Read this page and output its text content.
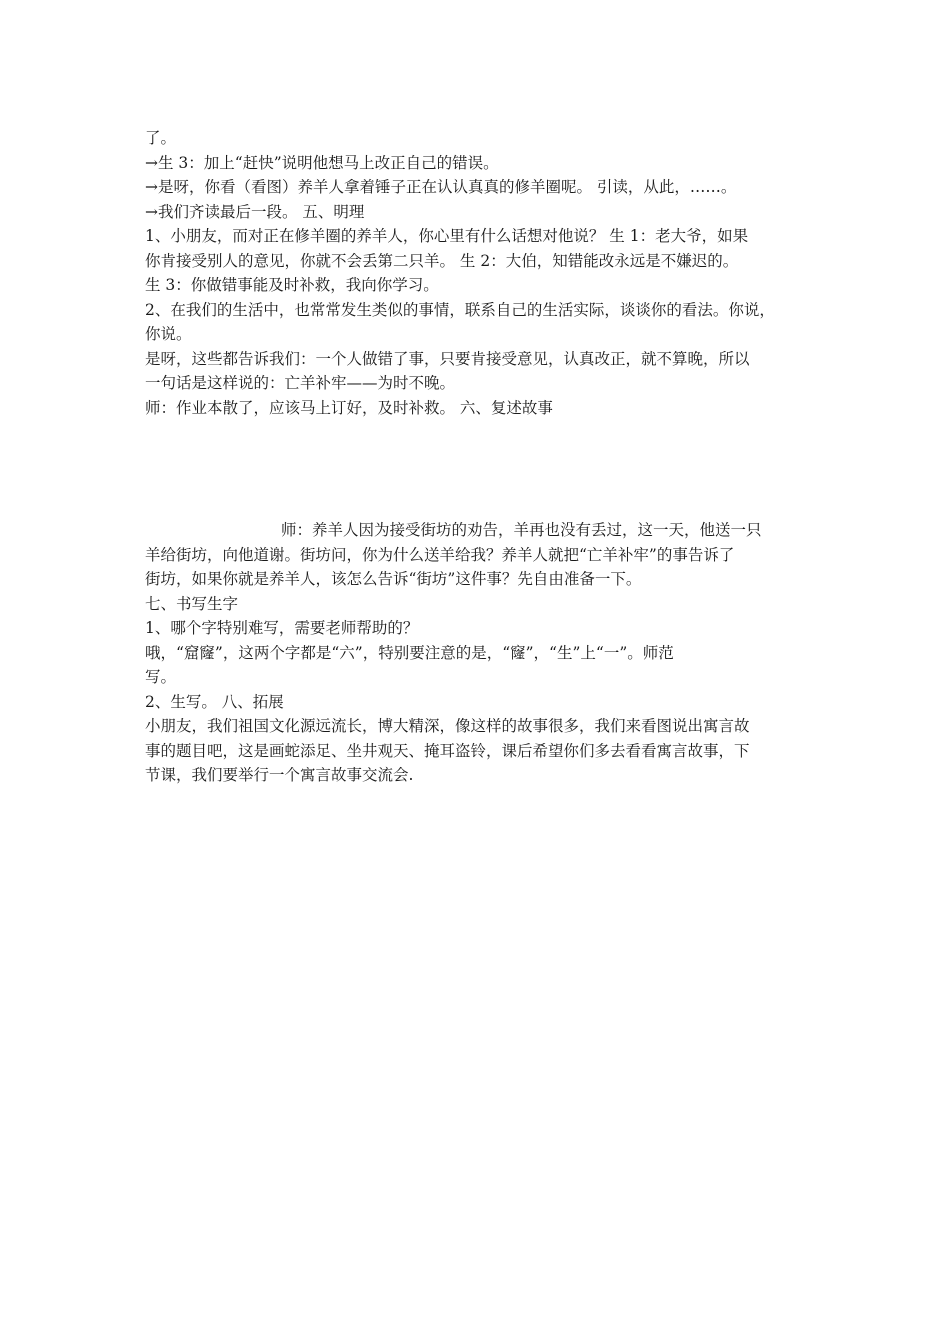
了。

→生 3：加上“赶快”说明他想马上改正自己的错误。

→是呀，你看（看图）养羊人拿着锤子正在认认真真的修羊圈呢。 引读，从此，……。

→我们齐读最后一段。 五、明理

1、小朋友，而对正在修羊圈的养羊人，你心里有什么话想对他说？ 生 1：老大爷，如果

你肯接受别人的意见，你就不会丢第二只羊。 生 2：大伯，知错能改永远是不嫌迟的。

生 3：你做错事能及时补救，我向你学习。

2、在我们的生活中，也常常发生类似的事情，联系自己的生活实际，谈谈你的看法。你说，

你说。

是呀，这些都告诉我们：一个人做错了事，只要肯接受意见，认真改正，就不算晚，所以

一句话是这样说的：亡羊补牢——为时不晚。

师：作业本散了，应该马上订好，及时补救。 六、复述故事

师：养羊人因为接受街坊的劝告，羊再也没有丢过，这一天，他送一只

羊给街坊，向他道谢。街坊问，你为什么送羊给我？养羊人就把“亡羊补牢”的事告诉了

街坊，如果你就是养羊人，该怎么告诉“街坊”这件事？先自由准备一下。

七、书写生字

1、哪个字特别难写，需要老师帮助的？

哦，“窟窿”，这两个字都是“六”，特别要注意的是，“窿”，“生”上“一”。师范

写。

2、生写。 八、拓展

小朋友，我们祖国文化源远流长，博大精深，像这样的故事很多，我们来看图说出寓言故

事的题目吧，这是画蛇添足、坐井观天、掩耳盗铃，课后希望你们多去看看寓言故事，下

节课，我们要举行一个寓言故事交流会.
